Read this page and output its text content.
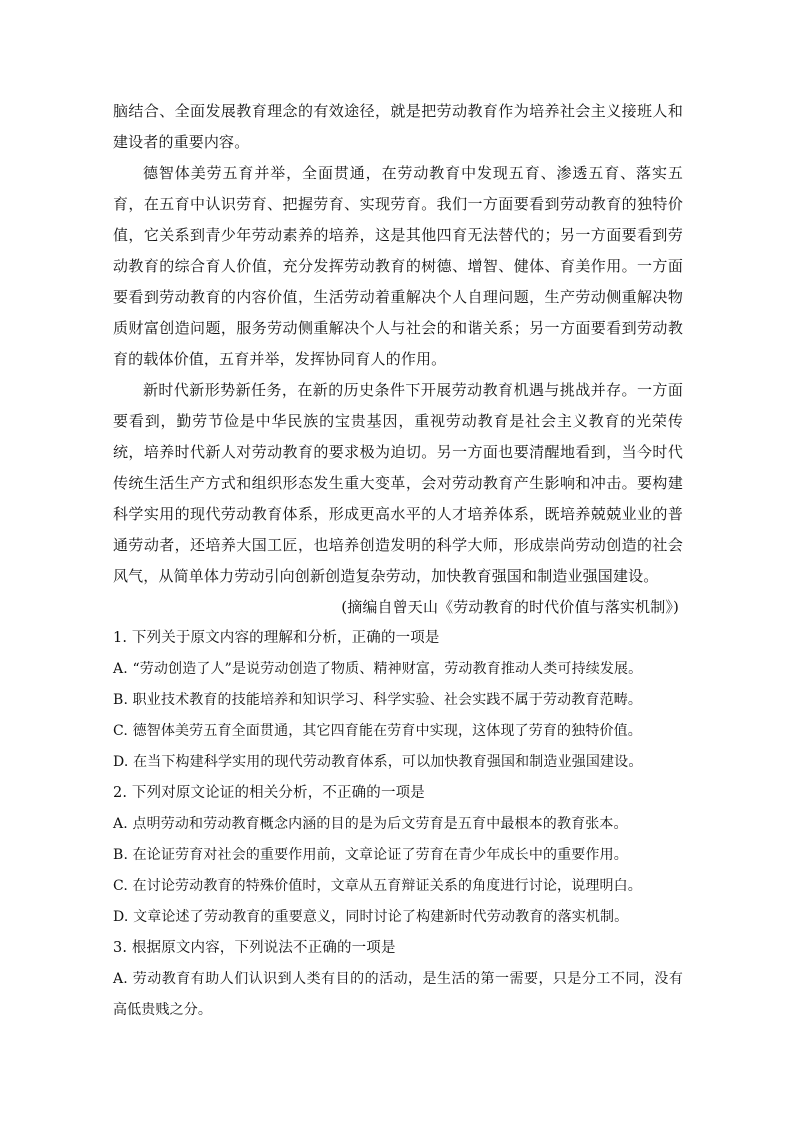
脑结合、全面发展教育理念的有效途径，就是把劳动教育作为培养社会主义接班人和建设者的重要内容。

德智体美劳五育并举，全面贯通，在劳动教育中发现五育、渗透五育、落实五育，在五育中认识劳育、把握劳育、实现劳育。我们一方面要看到劳动教育的独特价值，它关系到青少年劳动素养的培养，这是其他四育无法替代的；另一方面要看到劳动教育的综合育人价值，充分发挥劳动教育的树德、增智、健体、育美作用。一方面要看到劳动教育的内容价值，生活劳动着重解决个人自理问题，生产劳动侧重解决物质财富创造问题，服务劳动侧重解决个人与社会的和谐关系；另一方面要看到劳动教育的载体价值，五育并举，发挥协同育人的作用。

新时代新形势新任务，在新的历史条件下开展劳动教育机遇与挑战并存。一方面要看到，勤劳节俭是中华民族的宝贵基因，重视劳动教育是社会主义教育的光荣传统，培养时代新人对劳动教育的要求极为迫切。另一方面也要清醒地看到，当今时代传统生活生产方式和组织形态发生重大变革，会对劳动教育产生影响和冲击。要构建科学实用的现代劳动教育体系，形成更高水平的人才培养体系，既培养兢兢业业的普通劳动者，还培养大国工匠，也培养创造发明的科学大师，形成崇尚劳动创造的社会风气，从简单体力劳动引向创新创造复杂劳动，加快教育强国和制造业强国建设。

(摘编自曾天山《劳动教育的时代价值与落实机制》)

1. 下列关于原文内容的理解和分析，正确的一项是

A. “劳动创造了人”是说劳动创造了物质、精神财富，劳动教育推动人类可持续发展。

B. 职业技术教育的技能培养和知识学习、科学实验、社会实践不属于劳动教育范畴。

C. 德智体美劳五育全面贯通，其它四育能在劳育中实现，这体现了劳育的独特价值。

D. 在当下构建科学实用的现代劳动教育体系，可以加快教育强国和制造业强国建设。

2. 下列对原文论证的相关分析，不正确的一项是

A. 点明劳动和劳动教育概念内涵的目的是为后文劳育是五育中最根本的教育张本。

B. 在论证劳育对社会的重要作用前，文章论证了劳育在青少年成长中的重要作用。

C. 在讨论劳动教育的特殊价值时，文章从五育辩证关系的角度进行讨论，说理明白。

D. 文章论述了劳动教育的重要意义，同时讨论了构建新时代劳动教育的落实机制。

3. 根据原文内容，下列说法不正确的一项是

A. 劳动教育有助人们认识到人类有目的的活动，是生活的第一需要，只是分工不同，没有高低贵贱之分。
